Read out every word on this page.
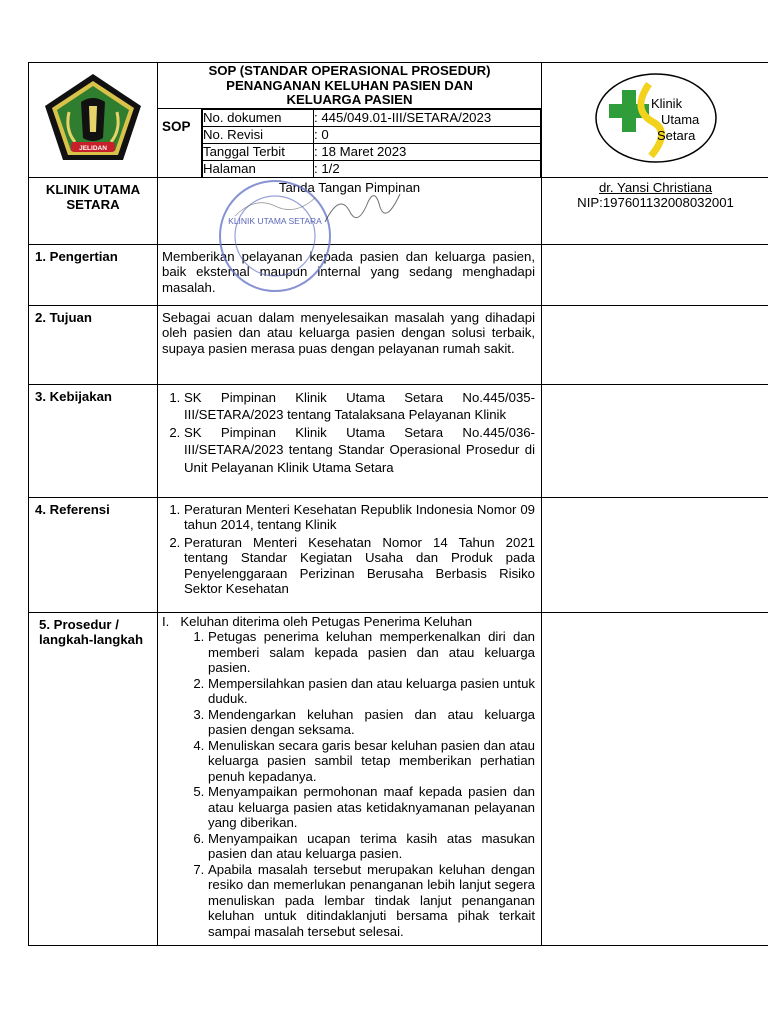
JELIDAN

SOP (STANDAR OPERASIONAL PROSEDUR)
PENANGANAN KELUHAN PASIEN DAN
KELUARGA PASIEN	Klinik
Utama
Setara

SOP	
No. dokumen	: 445/049.01-III/SETARA/2023
No. Revisi	: 0
Tanggal Terbit	: 18 Maret 2023
Halaman	: 1/2

KLINIK UTAMA SETARA	Tanda Tangan Pimpinan	dr. Yansi Christiana
NIP:197601132008032001

1. Pengertian	Memberikan pelayanan kepada pasien dan keluarga pasien, baik eksternal maupun internal yang sedang menghadapi masalah.	
2. Tujuan	Sebagai acuan dalam menyelesaikan masalah yang dihadapi oleh pasien dan atau keluarga pasien dengan solusi terbaik, supaya pasien merasa puas dengan pelayanan rumah sakit.	
3. Kebijakan	
1.SK Pimpinan Klinik Utama Setara No.445/035-III/SETARA/2023 tentang Tatalaksana Pelayanan Klinik
2. SK Pimpinan Klinik Utama Setara No.445/036-III/SETARA/2023 tentang Standar Operasional Prosedur di Unit Pelayanan Klinik Utama Setara

4. Referensi	
1.Peraturan Menteri Kesehatan Republik Indonesia Nomor 09 tahun 2014, tentang Klinik
2. Peraturan Menteri Kesehatan Nomor 14 Tahun 2021 tentang Standar Kegiatan Usaha dan Produk pada Penyelenggaraan Perizinan Berusaha Berbasis Risiko Sektor Kesehatan

5. Prosedur / langkah-langkah	
I.   Keluhan diterima oleh Petugas Penerima Keluhan
1. Petugas penerima keluhan memperkenalkan diri dan memberi salam kepada pasien dan atau keluarga pasien.
2. Mempersilahkan pasien dan atau keluarga pasien untuk duduk.
3. Mendengarkan keluhan pasien dan atau keluarga pasien dengan seksama.
4. Menuliskan secara garis besar keluhan pasien dan atau keluarga pasien sambil tetap memberikan perhatian penuh kepadanya.
5. Menyampaikan permohonan maaf kepada pasien dan atau keluarga pasien atas ketidaknyamanan pelayanan yang diberikan.
6. Menyampaikan ucapan terima kasih atas masukan pasien dan atau keluarga pasien.
7. Apabila masalah tersebut merupakan keluhan dengan resiko dan memerlukan penanganan lebih lanjut segera menuliskan pada lembar tindak lanjut penanganan keluhan untuk ditindaklanjuti bersama pihak terkait sampai masalah tersebut selesai.

KLINIK UTAMA SETARA
